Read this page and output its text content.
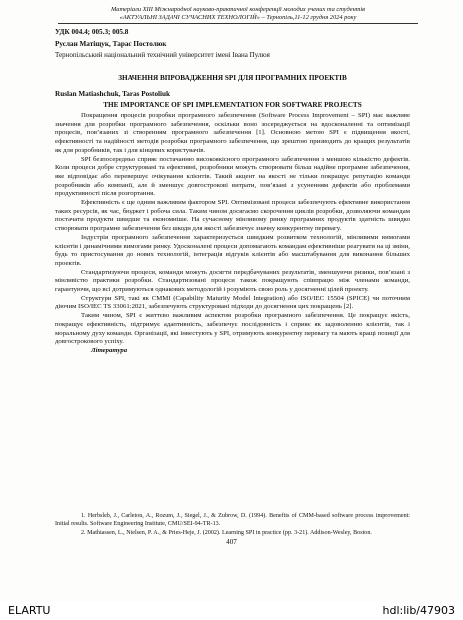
Матеріали XIII Міжнародної науково-практичної конференції молодих учених та студентів
«АКТУАЛЬНІ ЗАДАЧІ СУЧАСНИХ ТЕХНОЛОГІЙ» – Тернопіль,11-12 грудня 2024 року
УДК 004.4; 005.3; 005.8
Руслан Матіщук, Тарас Постолюк
Тернопільський національний технічний університет імені Івана Пулюя
ЗНАЧЕННЯ ВПРОВАДЖЕННЯ SPI ДЛЯ ПРОГРАМНИХ ПРОЕКТІВ
Ruslan Matiashchuk, Taras Postoliuk
THE IMPORTANCE OF SPI IMPLEMENTATION FOR SOFTWARE PROJECTS

Покращення процесів розробки програмного забезпечення (Software Process Improvement – SPI) має важливе значення для розробки програмного забезпечення, оскільки воно зосереджується на вдосконаленні та оптимізації процесів, пов’язаних зі створенням програмного забезпечення [1]. Основною метою SPI є підвищення якості, ефективності та надійності методів розробки програмного забезпечення, що зрештою призводить до кращих результатів як для розробників, так і для кінцевих користувачів.

SPI безпосередньо сприяє постачанню високоякісного програмного забезпечення з меншою кількістю дефектів. Коли процеси добре структуровані та ефективні, розробники можуть створювати більш надійне програмне забезпечення, яке відповідає або перевершує очікування клієнтів. Такий акцент на якості не тільки покращує репутацію команди розробників або компанії, але й зменшує довгострокові витрати, пов’язані з усуненням дефектів або проблемами продуктивності після розгортання.

Ефективність є ще одним важливим фактором SPI. Оптимізовані процеси забезпечують ефективне використання таких ресурсів, як час, бюджет і робоча сила. Таким чином досягаємо скорочення циклів розробки, дозволяючи командам постачати продукти швидше та економніше. На сучасному мінливому ринку програмних продуктів здатність швидко створювати програмне забезпечення без шкоди для якості забезпечує значну конкурентну перевагу.

Індустрія програмного забезпечення характеризується швидким розвитком технологій, мінливими вимогами клієнтів і динамічними вимогами ринку. Удосконалені процеси допомагають командам ефективніше реагувати на ці зміни, будь то пристосування до нових технологій, інтеграція відгуків клієнтів або масштабування для виконання більших проектів.

Стандартизуючи процеси, команди можуть досягти передбачуваних результатів, зменшуючи ризики, пов’язані з мінливістю практики розробки. Стандартизовані процеси також покращують співпрацю між членами команди, гарантуючи, що всі дотримуються однакових методологій і розуміють свою роль у досягненні цілей проекту.

Структури SPI, такі як CMMI (Capability Maturity Model Integration) або ISO/IEC 15504 (SPICE) чи поточним діючим ISO/IEC TS 33061:2021, забезпечують структуровані підходи до досягнення цих покращень [2].

Таким чином, SPI є життєво важливим аспектом розробки програмного забезпечення. Це покращує якість, покращує ефективність, підтримує адаптивність, забезпечує послідовність і сприяє як задоволенню клієнтів, так і моральному духу команди. Організації, які інвестують у SPI, отримують конкурентну перевагу та мають кращі позиції для довгострокового успіху.

Література

1. Herbsleb, J., Carleton, A., Rozum, J., Siegel, J., & Zubrow, D. (1994). Benefits of CMM-based software process improvement: Initial results. Software Engineering Institute, CMU/SEI-94-TR-13.

2. Mathiassen, L., Nielsen, P. A., & Pries-Heje, J. (2002). Learning SPI in practice (pp. 3-21). Addison-Wesley, Boston.

407
ELARTU	hdl:lib/47903
